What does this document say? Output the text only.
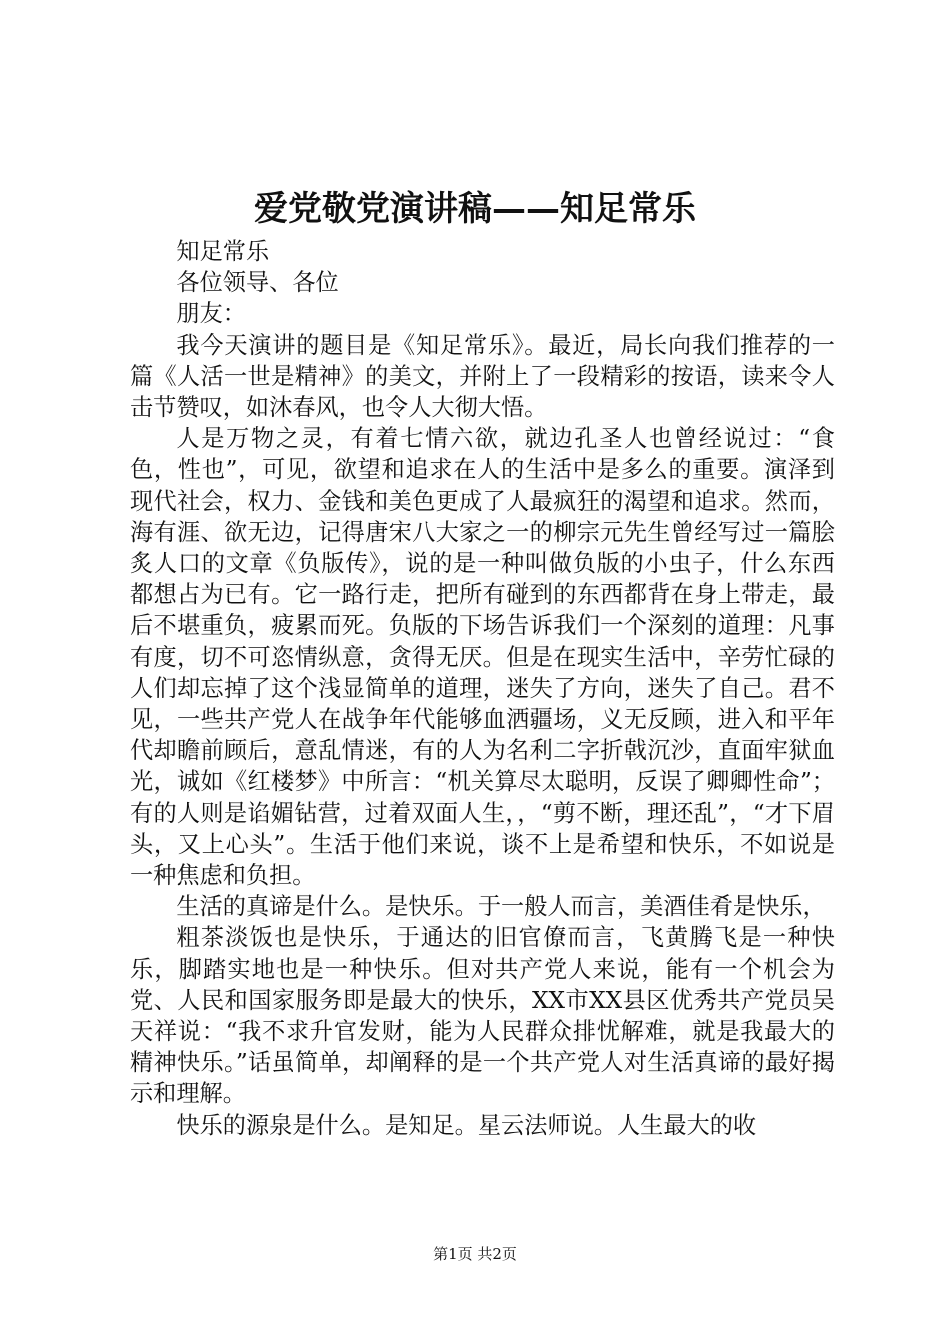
爱党敬党演讲稿——知足常乐

知足常乐

各位领导、各位

朋友：

我今天演讲的题目是《知足常乐》。最近，局长向我们推荐的一篇《人活一世是精神》的美文，并附上了一段精彩的按语，读来令人击节赞叹，如沐春风，也令人大彻大悟。

人是万物之灵，有着七情六欲，就边孔圣人也曾经说过：“食色，性也”，可见，欲望和追求在人的生活中是多么的重要。演泽到现代社会，权力、金钱和美色更成了人最疯狂的渴望和追求。然而，海有涯、欲无边，记得唐宋八大家之一的柳宗元先生曾经写过一篇脍炙人口的文章《负版传》，说的是一种叫做负版的小虫子，什么东西都想占为已有。它一路行走，把所有碰到的东西都背在身上带走，最后不堪重负，疲累而死。负版的下场告诉我们一个深刻的道理：凡事有度，切不可恣情纵意，贪得无厌。但是在现实生活中，辛劳忙碌的人们却忘掉了这个浅显简单的道理，迷失了方向，迷失了自己。君不见，一些共产党人在战争年代能够血洒疆场，义无反顾，进入和平年代却瞻前顾后，意乱情迷，有的人为名利二字折戟沉沙，直面牢狱血光，诚如《红楼梦》中所言：“机关算尽太聪明，反误了卿卿性命”；有的人则是谄媚钻营，过着双面人生，，“剪不断，理还乱”，“才下眉头，又上心头”。生活于他们来说，谈不上是希望和快乐，不如说是一种焦虑和负担。

生活的真谛是什么。是快乐。于一般人而言，美酒佳肴是快乐，

粗茶淡饭也是快乐，于通达的旧官僚而言，飞黄腾飞是一种快乐，脚踏实地也是一种快乐。但对共产党人来说，能有一个机会为党、人民和国家服务即是最大的快乐，XX市XX县区优秀共产党员吴天祥说：“我不求升官发财，能为人民群众排忧解难，就是我最大的精神快乐。”话虽简单，却阐释的是一个共产党人对生活真谛的最好揭示和理解。

快乐的源泉是什么。是知足。星云法师说。人生最大的收

第1页 共2页
